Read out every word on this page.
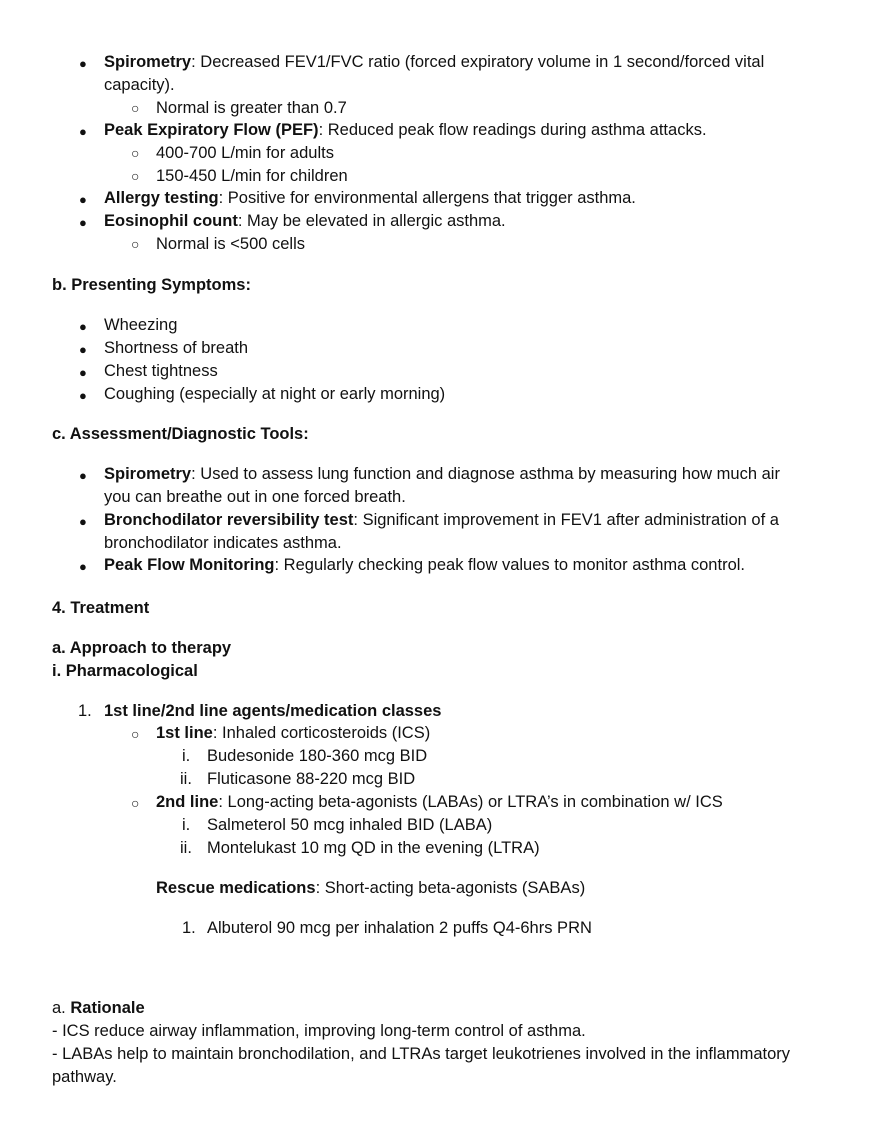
● Spirometry: Decreased FEV1/FVC ratio (forced expiratory volume in 1 second/forced vital
capacity).
○ Normal is greater than 0.7
● Peak Expiratory Flow (PEF): Reduced peak flow readings during asthma attacks.
○ 400-700 L/min for adults
○ 150-450 L/min for children
● Allergy testing: Positive for environmental allergens that trigger asthma.
● Eosinophil count: May be elevated in allergic asthma.
○ Normal is <500 cells
b. Presenting Symptoms:
● Wheezing
● Shortness of breath
● Chest tightness
● Coughing (especially at night or early morning)
c. Assessment/Diagnostic Tools:
● Spirometry: Used to assess lung function and diagnose asthma by measuring how much air
you can breathe out in one forced breath.
● Bronchodilator reversibility test: Significant improvement in FEV1 after administration of a
bronchodilator indicates asthma.
● Peak Flow Monitoring: Regularly checking peak flow values to monitor asthma control.
4. Treatment
a. Approach to therapy
i. Pharmacological
1. 1st line/2nd line agents/medication classes
○ 1st line: Inhaled corticosteroids (ICS)
i. Budesonide 180-360 mcg BID
ii. Fluticasone 88-220 mcg BID
○ 2nd line: Long-acting beta-agonists (LABAs) or LTRA’s in combination w/ ICS
i. Salmeterol 50 mcg inhaled BID (LABA)
ii. Montelukast 10 mg QD in the evening (LTRA)
Rescue medications: Short-acting beta-agonists (SABAs)
1. Albuterol 90 mcg per inhalation 2 puffs Q4-6hrs PRN
a. Rationale
- ICS reduce airway inflammation, improving long-term control of asthma.
- LABAs help to maintain bronchodilation, and LTRAs target leukotrienes involved in the inflammatory
pathway.
